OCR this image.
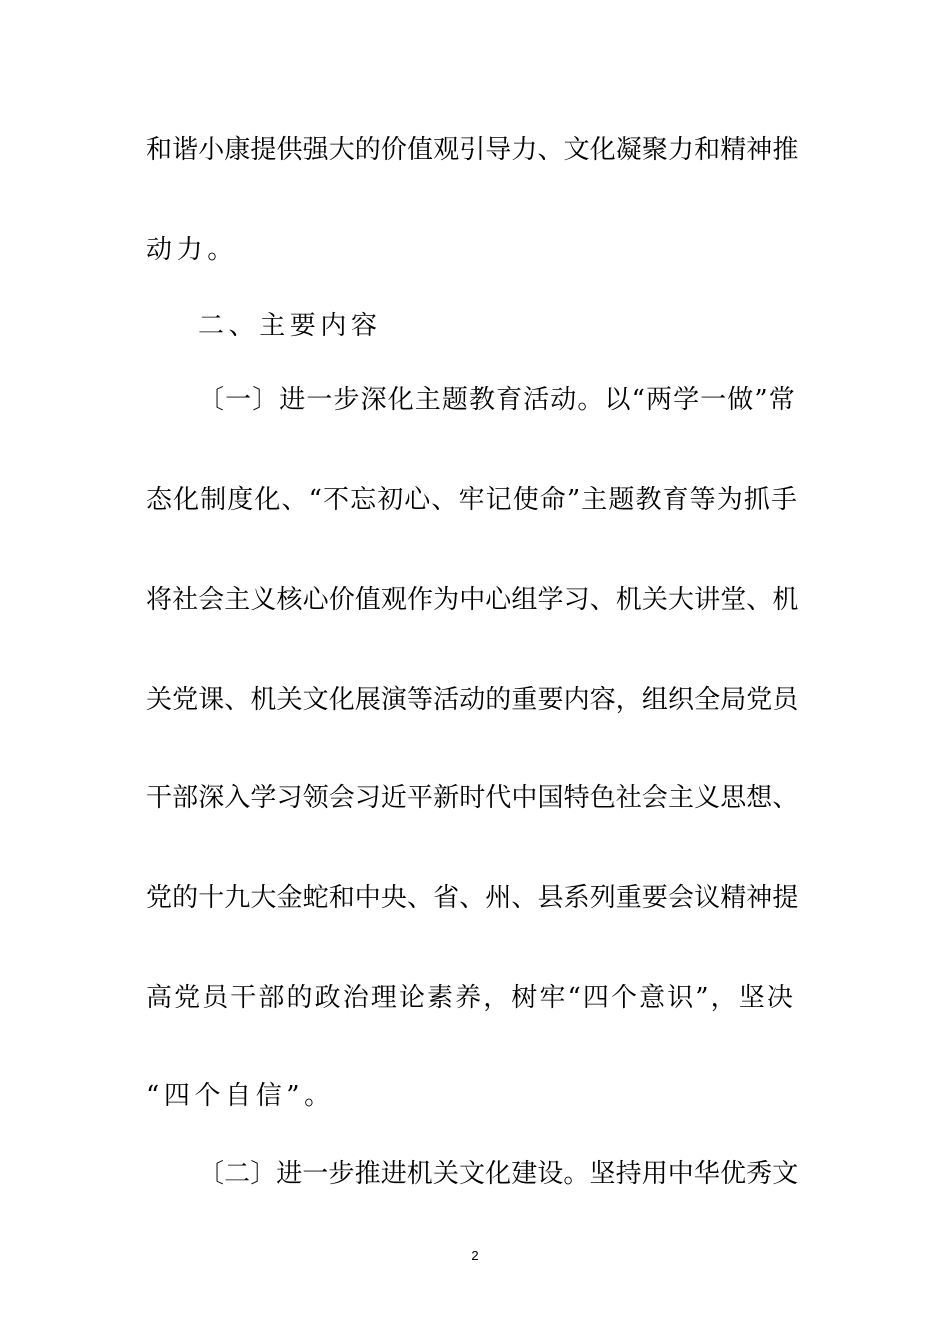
和谐小康提供强大的价值观引导力、文化凝聚力和精神推
动力。
二、主要内容
〔一〕进一步深化主题教育活动。以“两学一做”常
态化制度化、“不忘初心、牢记使命”主题教育等为抓手
将社会主义核心价值观作为中心组学习、机关大讲堂、机
关党课、机关文化展演等活动的重要内容，组织全局党员
干部深入学习领会习近平新时代中国特色社会主义思想、
党的十九大金蛇和中央、省、州、县系列重要会议精神提
高党员干部的政治理论素养，树牢“四个意识”，坚决
“四个自信”。
〔二〕进一步推进机关文化建设。坚持用中华优秀文
2
